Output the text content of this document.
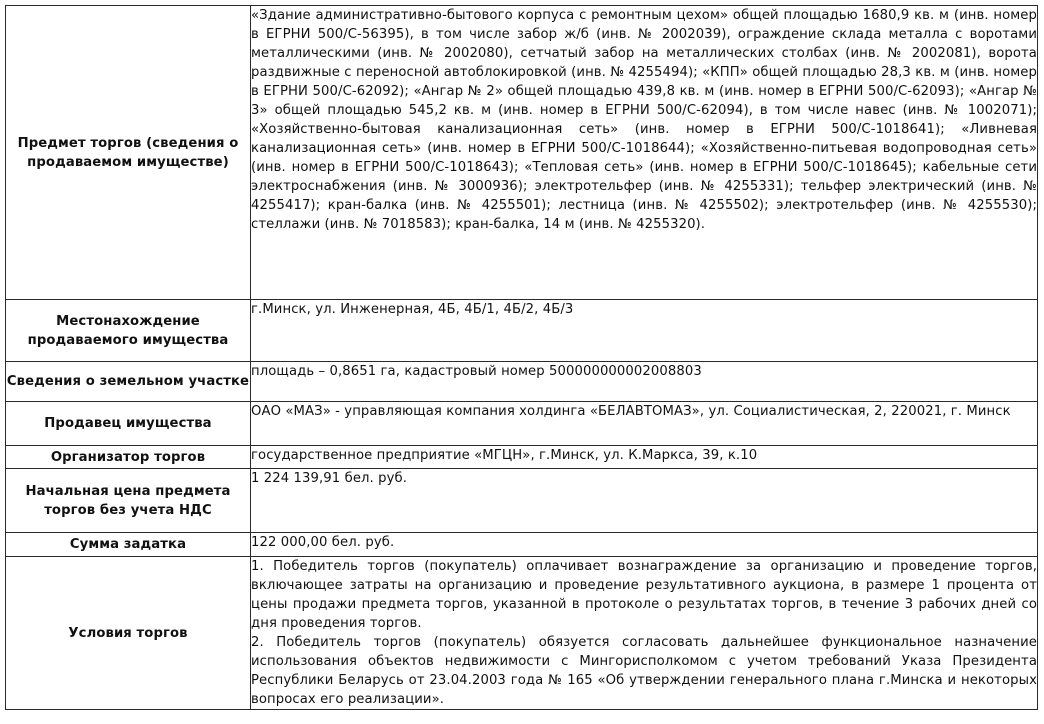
Предмет торгов (сведения о продаваемом имуществе)	«Здание административно-бытового корпуса с ремонтным цехом» общей площадью 1680,9 кв. м (инв. номер в ЕГРНИ 500/С-56395), в том числе забор ж/б (инв. № 2002039), ограждение склада металла с воротами металлическими (инв. № 2002080), сетчатый забор на металлических столбах (инв. № 2002081), ворота раздвижные с переносной автоблокировкой (инв. № 4255494); «КПП» общей площадью 28,3 кв. м (инв. номер в ЕГРНИ 500/С-62092); «Ангар № 2» общей площадью 439,8 кв. м (инв. номер в ЕГРНИ 500/С-62093); «Ангар № 3» общей площадью 545,2 кв. м (инв. номер в ЕГРНИ 500/С-62094), в том числе навес (инв. № 1002071); «Хозяйственно-бытовая канализационная сеть» (инв. номер в ЕГРНИ 500/С-1018641); «Ливневая канализационная сеть» (инв. номер в ЕГРНИ 500/С-1018644); «Хозяйственно-питьевая водопроводная сеть» (инв. номер в ЕГРНИ 500/С-1018643); «Тепловая сеть» (инв. номер в ЕГРНИ 500/С-1018645); кабельные сети электроснабжения (инв. № 3000936); электротельфер (инв. № 4255331); тельфер электрический (инв. № 4255417); кран-балка (инв. № 4255501); лестница (инв. № 4255502); электротельфер (инв. № 4255530); стеллажи (инв. № 7018583); кран-балка, 14 м (инв. № 4255320).
Местонахождение продаваемого имущества	г.Минск, ул. Инженерная, 4Б, 4Б/1, 4Б/2, 4Б/3
Сведения о земельном участке	площадь – 0,8651 га, кадастровый номер 500000000002008803
Продавец имущества	ОАО «МАЗ» - управляющая компания холдинга «БЕЛАВТОМАЗ», ул. Социалистическая, 2, 220021, г. Минск
Организатор торгов	государственное предприятие «МГЦН», г.Минск, ул. К.Маркса, 39, к.10
Начальная цена предмета торгов без учета НДС	1 224 139,91 бел. руб.
Сумма задатка	122 000,00 бел. руб.
Условия торгов	1. Победитель торгов (покупатель) оплачивает вознаграждение за организацию и проведение торгов, включающее затраты на организацию и проведение результативного аукциона, в размере 1 процента от цены продажи предмета торгов, указанной в протоколе о результатах торгов, в течение 3 рабочих дней со дня проведения торгов.

2. Победитель торгов (покупатель) обязуется согласовать дальнейшее функциональное назначение использования объектов недвижимости с Мингорисполкомом с учетом требований Указа Президента Республики Беларусь от 23.04.2003 года № 165 «Об утверждении генерального плана г.Минска и некоторых вопросах его реализации».
